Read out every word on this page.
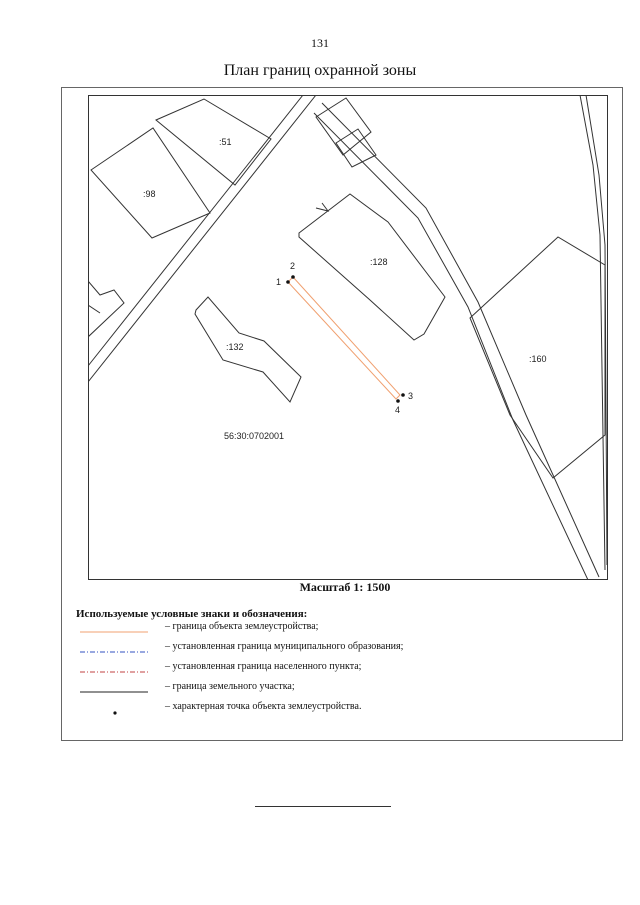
131
План границ охранной зоны
:98
:51
:128
:132
:160
56:30:0702001
1
2
3
4
Масштаб 1: 1500
Используемые условные знаки и обозначения:
– граница объекта землеустройства;
– установленная граница муниципального образования;
– установленная граница населенного пункта;
– граница земельного участка;
– характерная точка объекта землеустройства.
